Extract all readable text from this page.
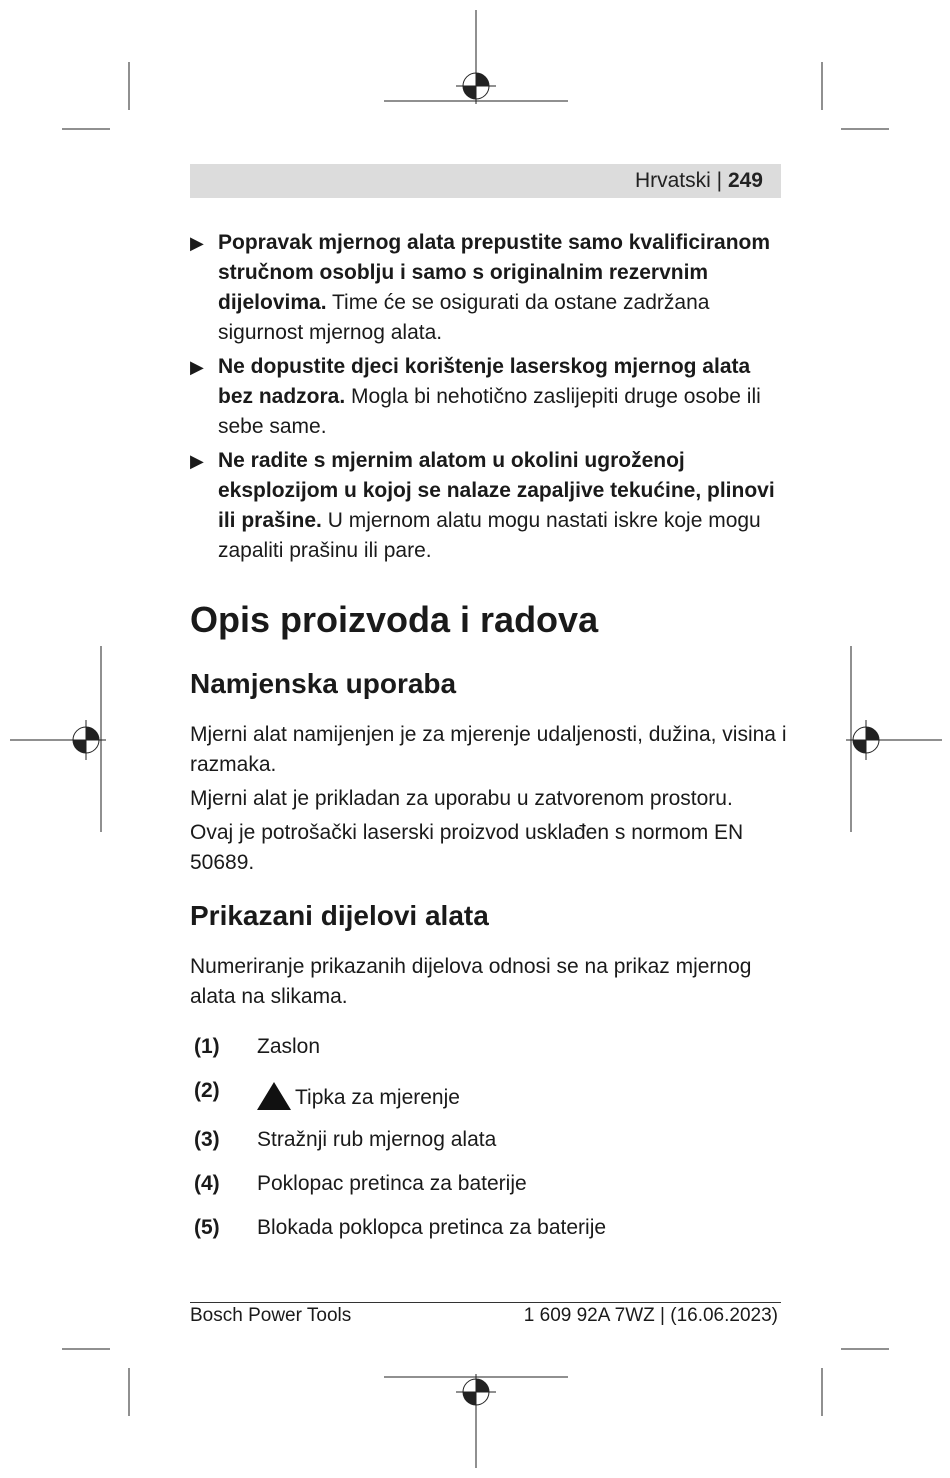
Hrvatski | 249
▶ Popravak mjernog alata prepustite samo kvalificiranom stručnom osoblju i samo s originalnim rezervnim dijelovima. Time će se osigurati da ostane zadržana sigurnost mjernog alata.
▶ Ne dopustite djeci korištenje laserskog mjernog alata bez nadzora. Mogla bi nehotično zaslijepiti druge osobe ili sebe same.
▶ Ne radite s mjernim alatom u okolini ugroženoj eksplozijom u kojoj se nalaze zapaljive tekućine, plinovi ili prašine. U mjernom alatu mogu nastati iskre koje mogu zapaliti prašinu ili pare.
Opis proizvoda i radova
Namjenska uporaba

Mjerni alat namijenjen je za mjerenje udaljenosti, dužina, visina i razmaka.

Mjerni alat je prikladan za uporabu u zatvorenom prostoru.

Ovaj je potrošački laserski proizvod usklađen s normom EN 50689.

Prikazani dijelovi alata

Numeriranje prikazanih dijelova odnosi se na prikaz mjernog alata na slikama.

(1) Zaslon
(2)	Tipka za mjerenje
(3) Stražnji rub mjernog alata
(4) Poklopac pretinca za baterije
(5) Blokada poklopca pretinca za baterije
Bosch Power Tools	1 609 92A 7WZ | (16.06.2023)
